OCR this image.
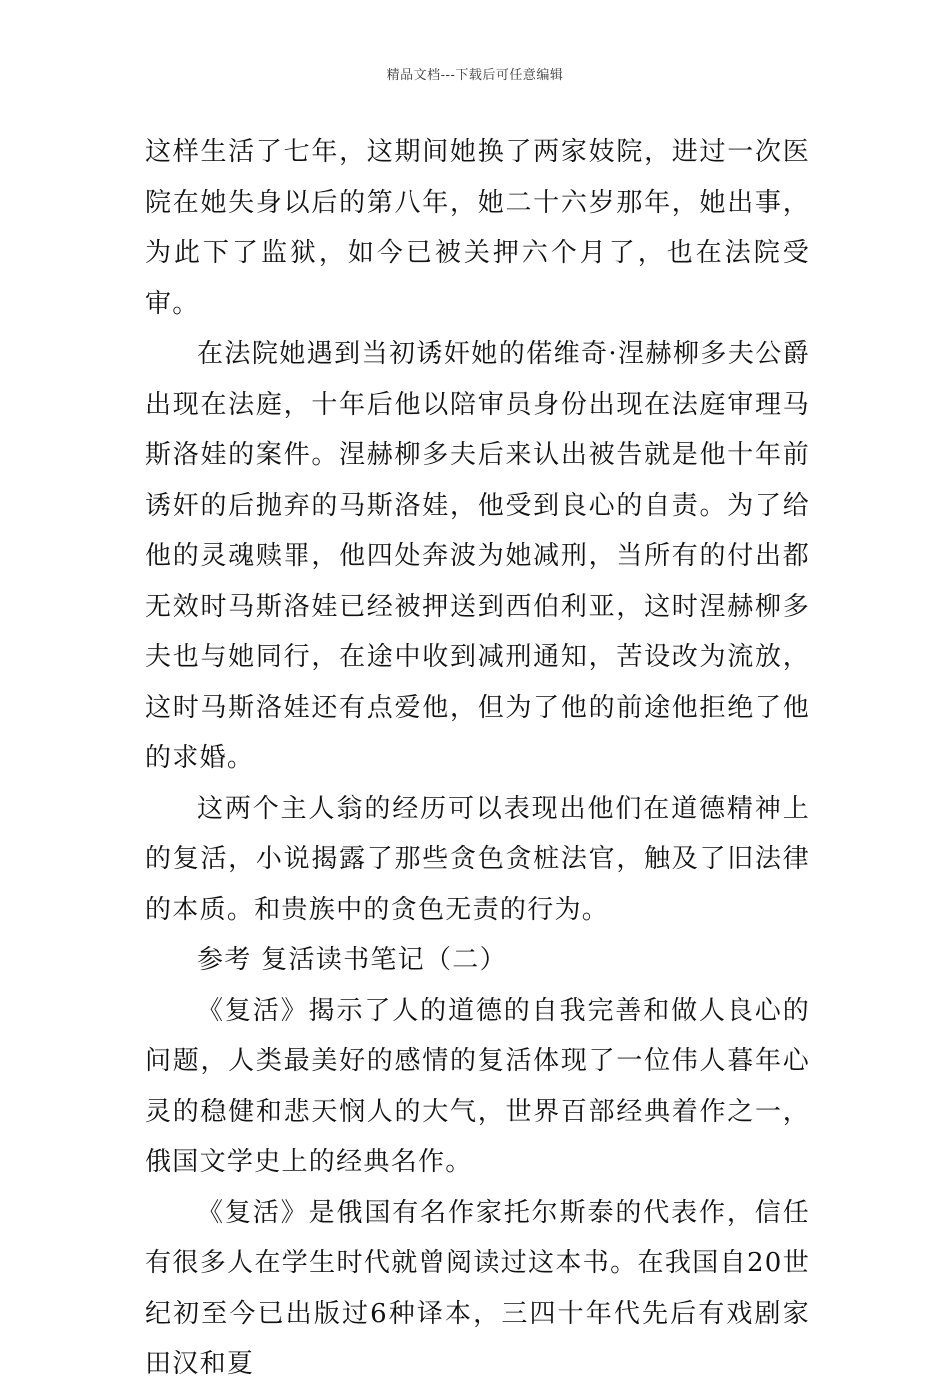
精品文档---下载后可任意编辑

这样生活了七年，这期间她换了两家妓院，进过一次医院在她失身以后的第八年，她二十六岁那年，她出事，为此下了监狱，如今已被关押六个月了，也在法院受审。

在法院她遇到当初诱奸她的偌维奇·涅赫柳多夫公爵出现在法庭，十年后他以陪审员身份出现在法庭审理马斯洛娃的案件。涅赫柳多夫后来认出被告就是他十年前诱奸的后抛弃的马斯洛娃，他受到良心的自责。为了给他的灵魂赎罪，他四处奔波为她减刑，当所有的付出都无效时马斯洛娃已经被押送到西伯利亚，这时涅赫柳多夫也与她同行，在途中收到减刑通知，苦设改为流放，这时马斯洛娃还有点爱他，但为了他的前途他拒绝了他的求婚。

这两个主人翁的经历可以表现出他们在道德精神上的复活，小说揭露了那些贪色贪桩法官，触及了旧法律的本质。和贵族中的贪色无责的行为。

参考 复活读书笔记（二）

《复活》揭示了人的道德的自我完善和做人良心的问题，人类最美好的感情的复活体现了一位伟人暮年心灵的稳健和悲天悯人的大气，世界百部经典着作之一，俄国文学史上的经典名作。

《复活》是俄国有名作家托尔斯泰的代表作，信任有很多人在学生时代就曾阅读过这本书。在我国自20世纪初至今已出版过6种译本，三四十年代先后有戏剧家田汉和夏
